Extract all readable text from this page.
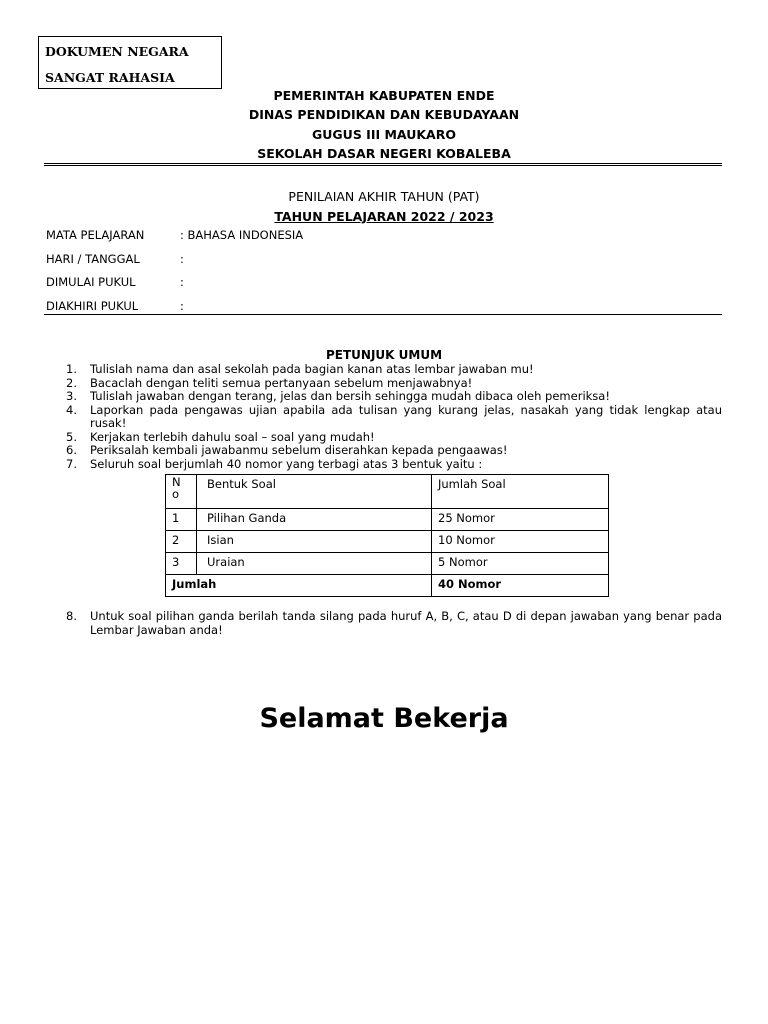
DOKUMEN NEGARA
SANGAT RAHASIA
PEMERINTAH KABUPATEN ENDE
DINAS PENDIDIKAN DAN KEBUDAYAAN
GUGUS III MAUKARO
SEKOLAH DASAR NEGERI KOBALEBA
PENILAIAN AKHIR TAHUN (PAT)
TAHUN PELAJARAN 2022 / 2023
MATA PELAJARAN	: BAHASA INDONESIA
HARI / TANGGAL	:
DIMULAI PUKUL	:
DIAKHIRI PUKUL	:
PETUNJUK UMUM
1. Tulislah nama dan asal sekolah pada bagian kanan atas lembar jawaban mu!
2. Bacaclah dengan teliti semua pertanyaan sebelum menjawabnya!
3. Tulislah jawaban dengan terang, jelas dan bersih sehingga mudah dibaca oleh pemeriksa!
4. Laporkan pada pengawas ujian apabila ada tulisan yang kurang jelas, nasakah yang tidak lengkap atau rusak!
5. Kerjakan terlebih dahulu soal – soal yang mudah!
6. Periksalah kembali jawabanmu sebelum diserahkan kepada pengaawas!
7. Seluruh soal berjumlah 40 nomor yang terbagi atas 3 bentuk yaitu :
N o	Bentuk Soal	Jumlah Soal
1	Pilihan Ganda	25 Nomor
2	Isian	10 Nomor
3	Uraian	5 Nomor
Jumlah		40 Nomor
8. Untuk soal pilihan ganda berilah tanda silang pada huruf A, B, C, atau D di depan jawaban yang benar pada Lembar Jawaban anda!
Selamat Bekerja
